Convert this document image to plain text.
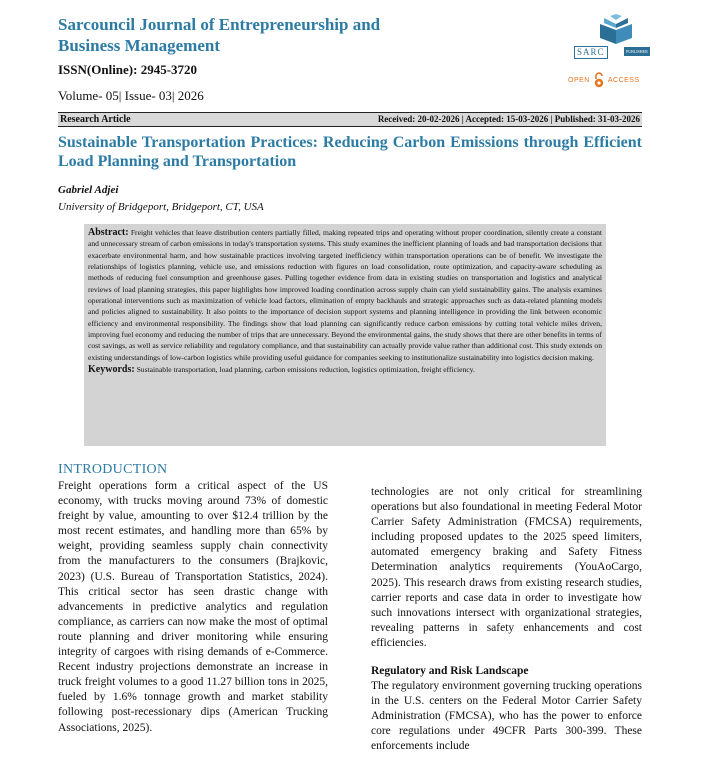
Sarcouncil Journal of Entrepreneurship and Business Management
ISSN(Online): 2945-3720
Volume- 05| Issue- 03| 2026
SARC	PUBLISHER
OPEN	ACCESS
Research Article	Received: 20-02-2026 | Accepted: 15-03-2026 | Published: 31-03-2026
Sustainable Transportation Practices: Reducing Carbon Emissions through Efficient Load Planning and Transportation
Gabriel Adjei
University of Bridgeport, Bridgeport, CT, USA
Abstract: Freight vehicles that leave distribution centers partially filled, making repeated trips and operating without proper coordination, silently create a constant and unnecessary stream of carbon emissions in today's transportation systems. This study examines the inefficient planning of loads and bad transportation decisions that exacerbate environmental harm, and how sustainable practices involving targeted inefficiency within transportation operations can be of benefit. We investigate the relationships of logistics planning, vehicle use, and emissions reduction with figures on load consolidation, route optimization, and capacity-aware scheduling as methods of reducing fuel consumption and greenhouse gases. Pulling together evidence from data in existing studies on transportation and logistics and analytical reviews of load planning strategies, this paper highlights how improved loading coordination across supply chain can yield sustainability gains. The analysis examines operational interventions such as maximization of vehicle load factors, elimination of empty backhauls and strategic approaches such as data-related planning models and policies aligned to sustainability. It also points to the importance of decision support systems and planning intelligence in providing the link between economic efficiency and environmental responsibility. The findings show that load planning can significantly reduce carbon emissions by cutting total vehicle miles driven, improving fuel economy and reducing the number of trips that are unnecessary. Beyond the environmental gains, the study shows that there are other benefits in terms of cost savings, as well as service reliability and regulatory compliance, and that sustainability can actually provide value rather than additional cost. This study extends on existing understandings of low-carbon logistics while providing useful guidance for companies seeking to institutionalize sustainability into logistics decision making.
Keywords: Sustainable transportation, load planning, carbon emissions reduction, logistics optimization, freight efficiency.
INTRODUCTION

Freight operations form a critical aspect of the US economy, with trucks moving around 73% of domestic freight by value, amounting to over $12.4 trillion by the most recent estimates, and handling more than 65% by weight, providing seamless supply chain connectivity from the manufacturers to the consumers (Brajkovic, 2023) (U.S. Bureau of Transportation Statistics, 2024). This critical sector has seen drastic change with advancements in predictive analytics and regulation compliance, as carriers can now make the most of optimal route planning and driver monitoring while ensuring integrity of cargoes with rising demands of e-Commerce. Recent industry projections demonstrate an increase in truck freight volumes to a good 11.27 billion tons in 2025, fueled by 1.6% tonnage growth and market stability following post-recessionary dips (American Trucking Associations, 2025).

technologies are not only critical for streamlining operations but also foundational in meeting Federal Motor Carrier Safety Administration (FMCSA) requirements, including proposed updates to the 2025 speed limiters, automated emergency braking and Safety Fitness Determination analytics requirements (YouAoCargo, 2025). This research draws from existing research studies, carrier reports and case data in order to investigate how such innovations intersect with organizational strategies, revealing patterns in safety enhancements and cost efficiencies.

Regulatory and Risk Landscape

The regulatory environment governing trucking operations in the U.S. centers on the Federal Motor Carrier Safety Administration (FMCSA), who has the power to enforce core regulations under 49CFR Parts 300-399. These enforcements include
